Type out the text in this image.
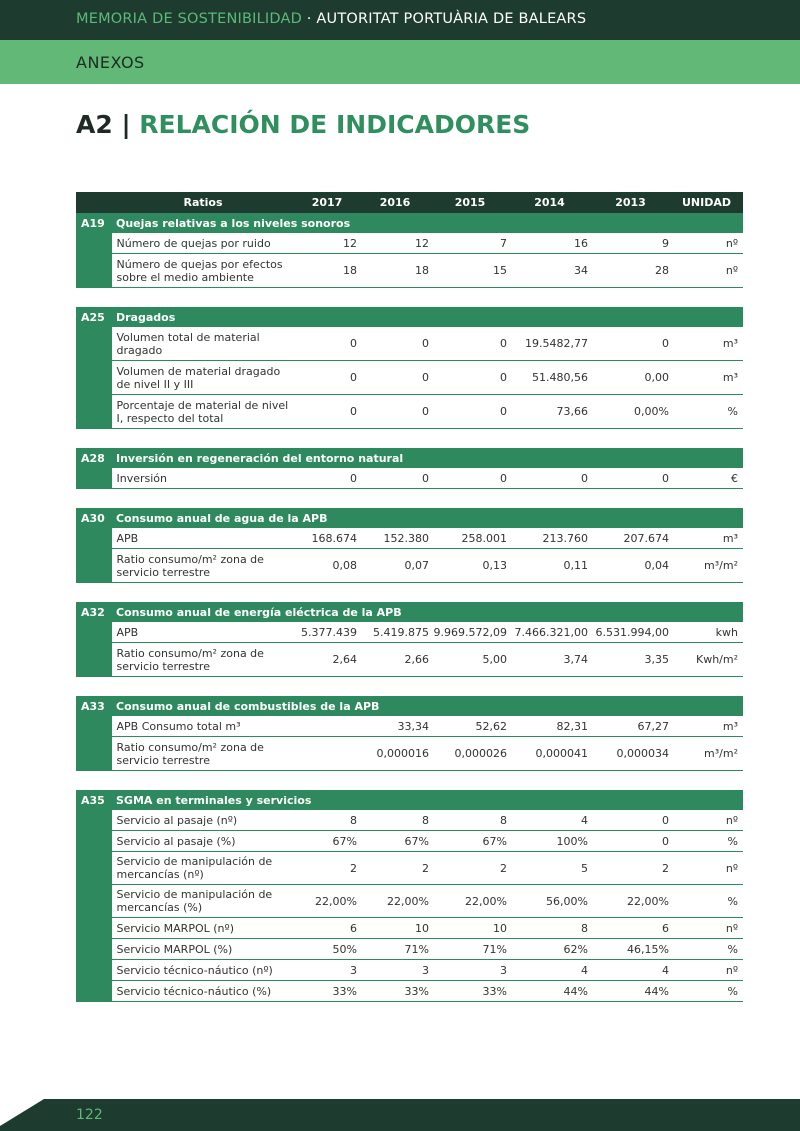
MEMORIA DE SOSTENIBILIDAD · AUTORITAT PORTUÀRIA DE BALEARS
ANEXOS
A2 | RELACIÓN DE INDICADORES
	Ratios	2017	2016	2015	2014	2013	UNIDAD
A19	Quejas relativas a los niveles sonoros						
	Número de quejas por ruido	12	12	7	16	9	nº
	Número de quejas por efectos sobre el medio ambiente	18	18	15	34	28	nº

A25	Dragados						
	Volumen total de material dragado	0	0	0	19.5482,77	0	m³
	Volumen de material dragado de nivel II y III	0	0	0	51.480,56	0,00	m³
	Porcentaje de material de nivel I, respecto del total	0	0	0	73,66	0,00%	%

A28	Inversión en regeneración del entorno natural						
	Inversión	0	0	0	0	0	€

A30	Consumo anual de agua de la APB						
	APB	168.674	152.380	258.001	213.760	207.674	m³
	Ratio consumo/m² zona de servicio terrestre	0,08	0,07	0,13	0,11	0,04	m³/m²

A32	Consumo anual de energía eléctrica de la APB						
	APB	5.377.439	5.419.875	9.969.572,09	7.466.321,00	6.531.994,00	kwh
	Ratio consumo/m² zona de servicio terrestre	2,64	2,66	5,00	3,74	3,35	Kwh/m²

A33	Consumo anual de combustibles de la APB						
	APB Consumo total m³		33,34	52,62	82,31	67,27	m³
	Ratio consumo/m² zona de servicio terrestre		0,000016	0,000026	0,000041	0,000034	m³/m²

A35	SGMA en terminales y servicios						
	Servicio al pasaje (nº)	8	8	8	4	0	nº
	Servicio al pasaje (%)	67%	67%	67%	100%	0	%
	Servicio de manipulación de mercancías (nº)	2	2	2	5	2	nº
	Servicio de manipulación de mercancías (%)	22,00%	22,00%	22,00%	56,00%	22,00%	%
	Servicio MARPOL (nº)	6	10	10	8	6	nº
	Servicio MARPOL (%)	50%	71%	71%	62%	46,15%	%
	Servicio técnico-náutico (nº)	3	3	3	4	4	nº
	Servicio técnico-náutico (%)	33%	33%	33%	44%	44%	%
122
